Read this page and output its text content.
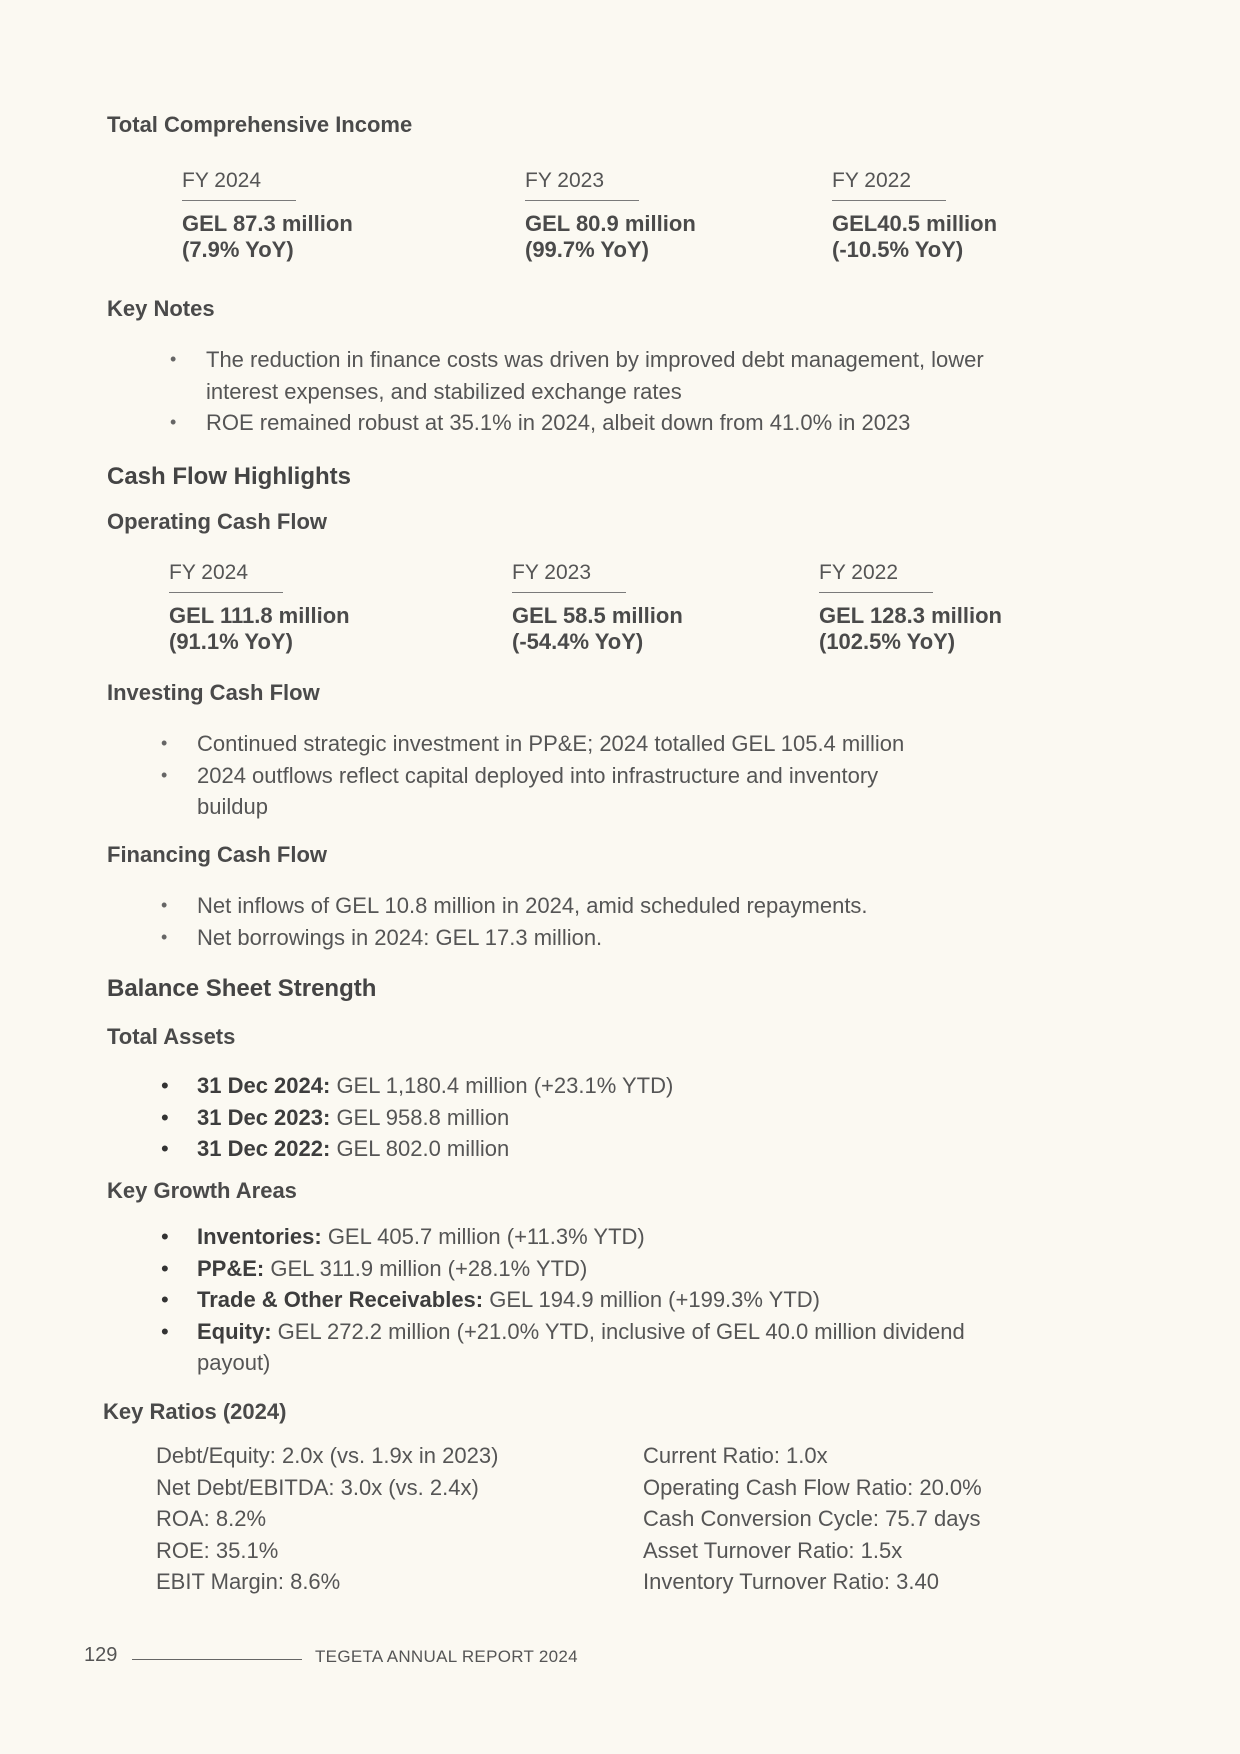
Total Comprehensive Income
FY 2024
GEL 87.3 million
(7.9% YoY)
FY 2023
GEL 80.9 million
(99.7% YoY)
FY 2022
GEL40.5 million
(-10.5% YoY)
Key Notes
• The reduction in finance costs was driven by improved debt management, lower
interest expenses, and stabilized exchange rates
• ROE remained robust at 35.1% in 2024, albeit down from 41.0% in 2023
Cash Flow Highlights
Operating Cash Flow
FY 2024
GEL 111.8 million
(91.1% YoY)
FY 2023
GEL 58.5 million
(-54.4% YoY)
FY 2022
GEL 128.3 million
(102.5% YoY)
Investing Cash Flow
• Continued strategic investment in PP&E; 2024 totalled GEL 105.4 million
• 2024 outflows reflect capital deployed into infrastructure and inventory
buildup
Financing Cash Flow
• Net inflows of GEL 10.8 million in 2024, amid scheduled repayments.
• Net borrowings in 2024: GEL 17.3 million.
Balance Sheet Strength
Total Assets
• 31 Dec 2024: GEL 1,180.4 million (+23.1% YTD)
• 31 Dec 2023: GEL 958.8 million
• 31 Dec 2022: GEL 802.0 million
Key Growth Areas
• Inventories: GEL 405.7 million (+11.3% YTD)
• PP&E: GEL 311.9 million (+28.1% YTD)
• Trade & Other Receivables: GEL 194.9 million (+199.3% YTD)
• Equity: GEL 272.2 million (+21.0% YTD, inclusive of GEL 40.0 million dividend
payout)
Key Ratios (2024)
Debt/Equity: 2.0x (vs. 1.9x in 2023)
Net Debt/EBITDA: 3.0x (vs. 2.4x)
ROA: 8.2%
ROE: 35.1%
EBIT Margin: 8.6%
Current Ratio: 1.0x
Operating Cash Flow Ratio: 20.0%
Cash Conversion Cycle: 75.7 days
Asset Turnover Ratio: 1.5x
Inventory Turnover Ratio: 3.40
129	TEGETA ANNUAL REPORT 2024
